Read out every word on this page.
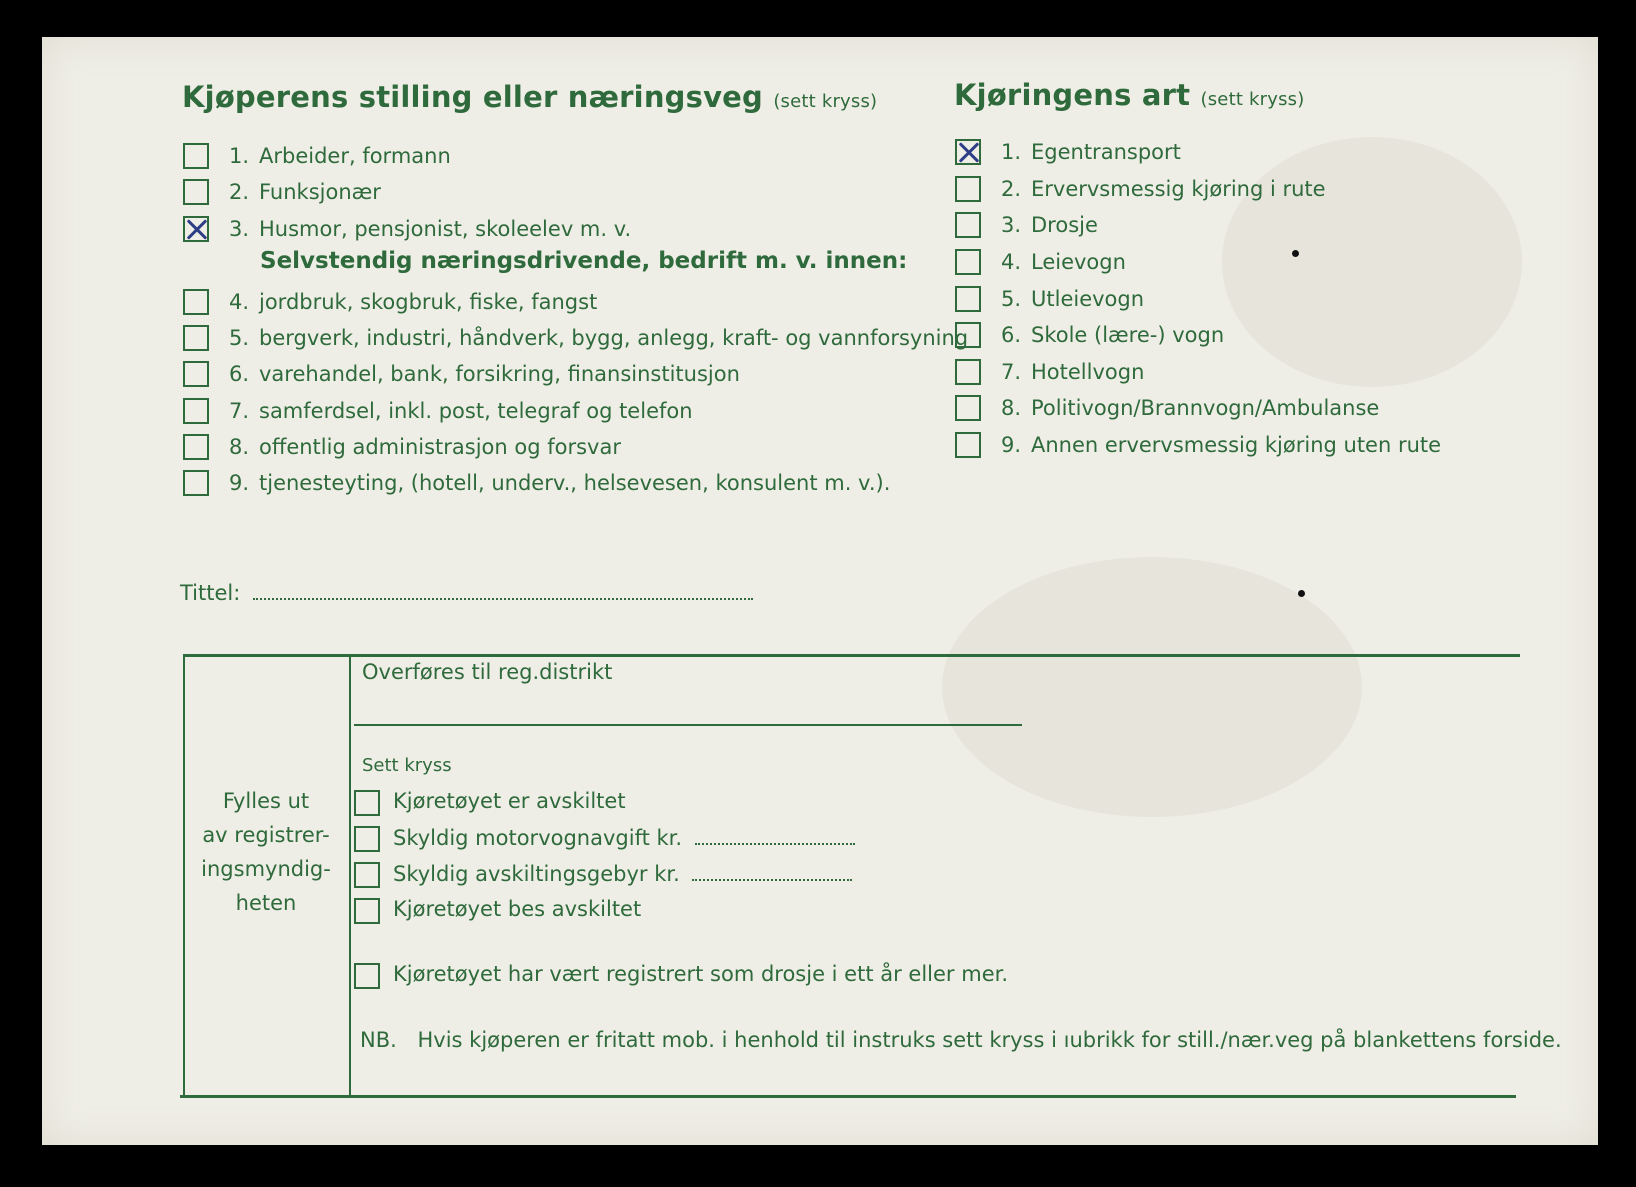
Kjøperens stilling eller næringsveg (sett kryss)	Kjøringens art (sett kryss)
1. Arbeider, formann
2. Funksjonær
3. Husmor, pensjonist, skoleelev m. v.
Selvstendig næringsdrivende, bedrift m. v. innen:
4. jordbruk, skogbruk, fiske, fangst
5. bergverk, industri, håndverk, bygg, anlegg, kraft- og vannforsyning
6. varehandel, bank, forsikring, finansinstitusjon
7. samferdsel, inkl. post, telegraf og telefon
8. offentlig administrasjon og forsvar
9. tjenesteyting, (hotell, underv., helsevesen, konsulent m. v.).
1. Egentransport
2. Ervervsmessig kjøring i rute
3. Drosje
4. Leievogn
5. Utleievogn
6. Skole (lære-) vogn
7. Hotellvogn
8. Politivogn/Brannvogn/Ambulanse
9. Annen ervervsmessig kjøring uten rute
Tittel:
Fylles ut
av registrer-
ingsmyndig-
heten
Overføres til reg.distrikt
Sett kryss
Kjøretøyet er avskiltet
Skyldig motorvognavgift kr.
Skyldig avskiltingsgebyr kr.
Kjøretøyet bes avskiltet
Kjøretøyet har vært registrert som drosje i ett år eller mer.
NB. Hvis kjøperen er fritatt mob. i henhold til instruks sett kryss i ıubrikk for still./nær.veg på blankettens forside.
